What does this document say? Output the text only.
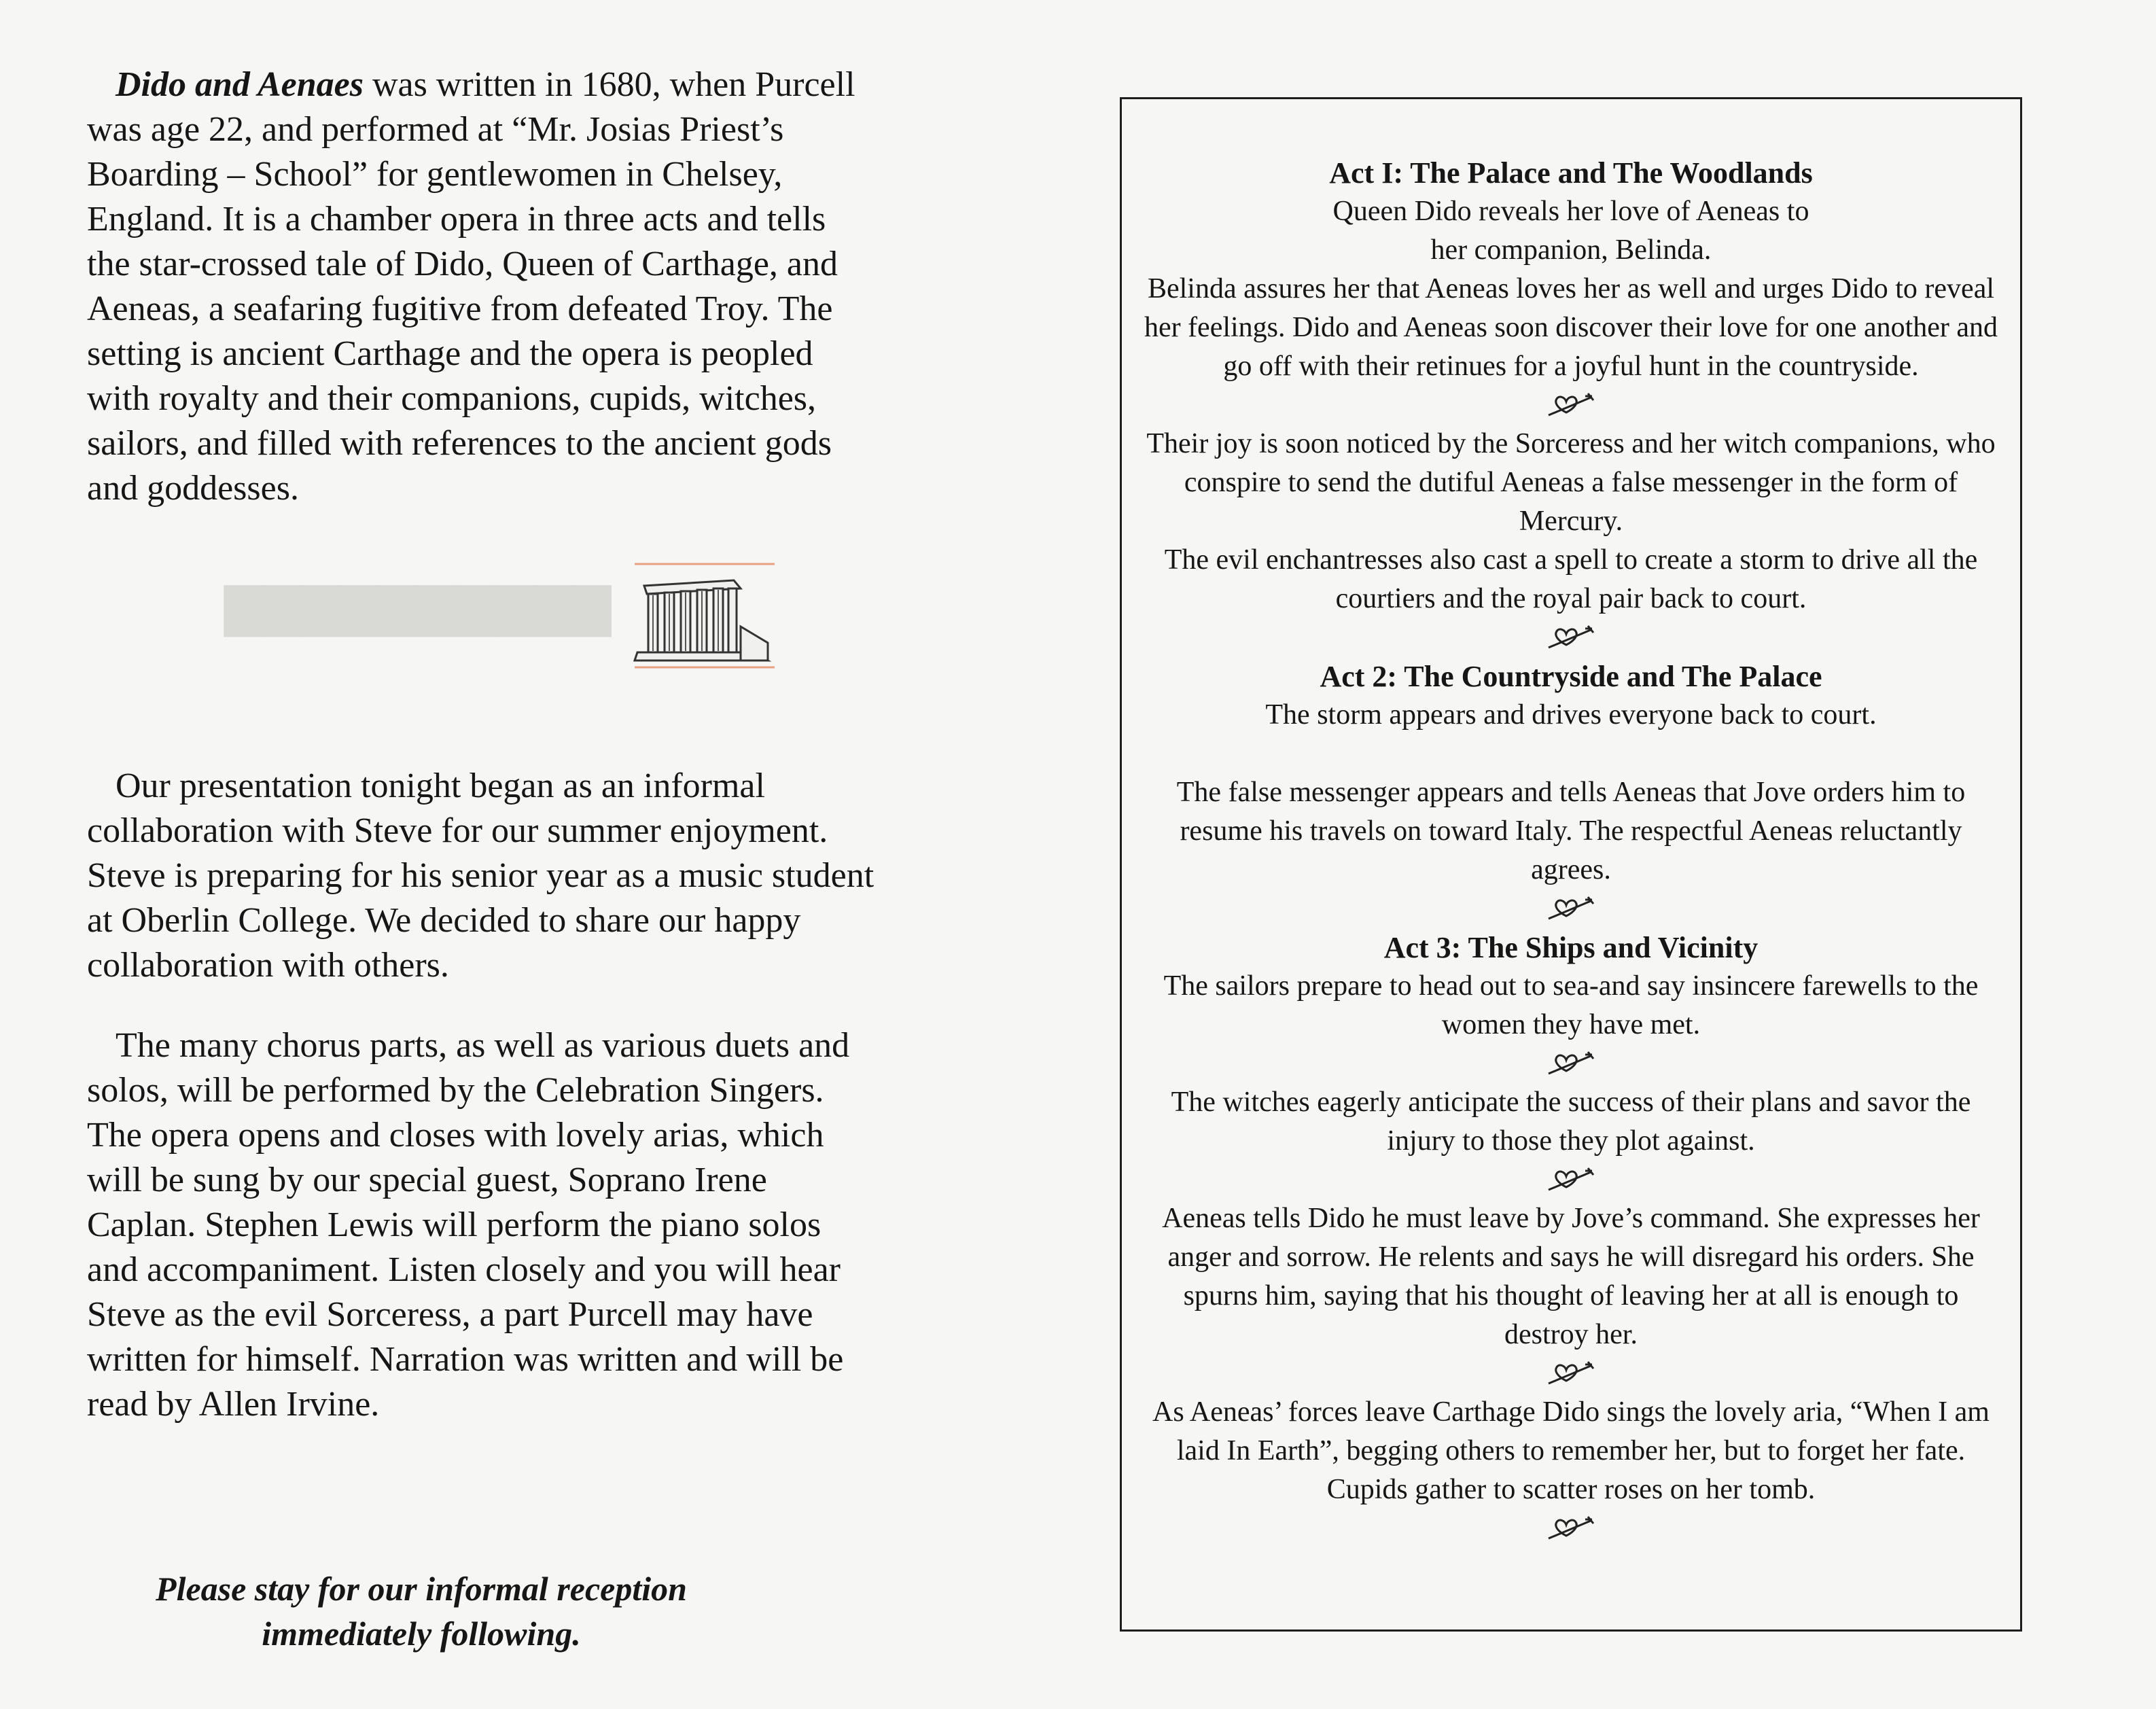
▇▇▇▇▇▇▇▇▇▇

Dido and Aenaes was written in 1680, when Purcell was age 22, and performed at “Mr. Josias Priest’s Boarding – School” for gentlewomen in Chelsey, England. It is a chamber opera in three acts and tells the star-crossed tale of Dido, Queen of Carthage, and Aeneas, a seafaring fugitive from defeated Troy. The setting is ancient Carthage and the opera is peopled with royalty and their companions, cupids, witches, sailors, and filled with references to the ancient gods and goddesses.

Our presentation tonight began as an informal collaboration with Steve for our summer enjoyment. Steve is preparing for his senior year as a music student at Oberlin College. We decided to share our happy collaboration with others.

The many chorus parts, as well as various duets and solos, will be performed by the Celebration Singers. The opera opens and closes with lovely arias, which will be sung by our special guest, Soprano Irene Caplan. Stephen Lewis will perform the piano solos and accompaniment. Listen closely and you will hear Steve as the evil Sorceress, a part Purcell may have written for himself. Narration was written and will be read by Allen Irvine.

Please stay for our informal reception
immediately following.

Act I: The Palace and The Woodlands

Queen Dido reveals her love of Aeneas to

her companion, Belinda.

Belinda assures her that Aeneas loves her as well and urges Dido to reveal her feelings. Dido and Aeneas soon discover their love for one another and go off with their retinues for a joyful hunt in the countryside.

Their joy is soon noticed by the Sorceress and her witch companions, who conspire to send the dutiful Aeneas a false messenger in the form of Mercury.

The evil enchantresses also cast a spell to create a storm to drive all the courtiers and the royal pair back to court.

Act 2: The Countryside and The Palace

The storm appears and drives everyone back to court.

The false messenger appears and tells Aeneas that Jove orders him to resume his travels on toward Italy. The respectful Aeneas reluctantly agrees.

Act 3: The Ships and Vicinity

The sailors prepare to head out to sea-and say insincere farewells to the women they have met.

The witches eagerly anticipate the success of their plans and savor the injury to those they plot against.

Aeneas tells Dido he must leave by Jove’s command. She expresses her anger and sorrow. He relents and says he will disregard his orders. She spurns him, saying that his thought of leaving her at all is enough to destroy her.

As Aeneas’ forces leave Carthage Dido sings the lovely aria, “When I am laid In Earth”, begging others to remember her, but to forget her fate. Cupids gather to scatter roses on her tomb.
